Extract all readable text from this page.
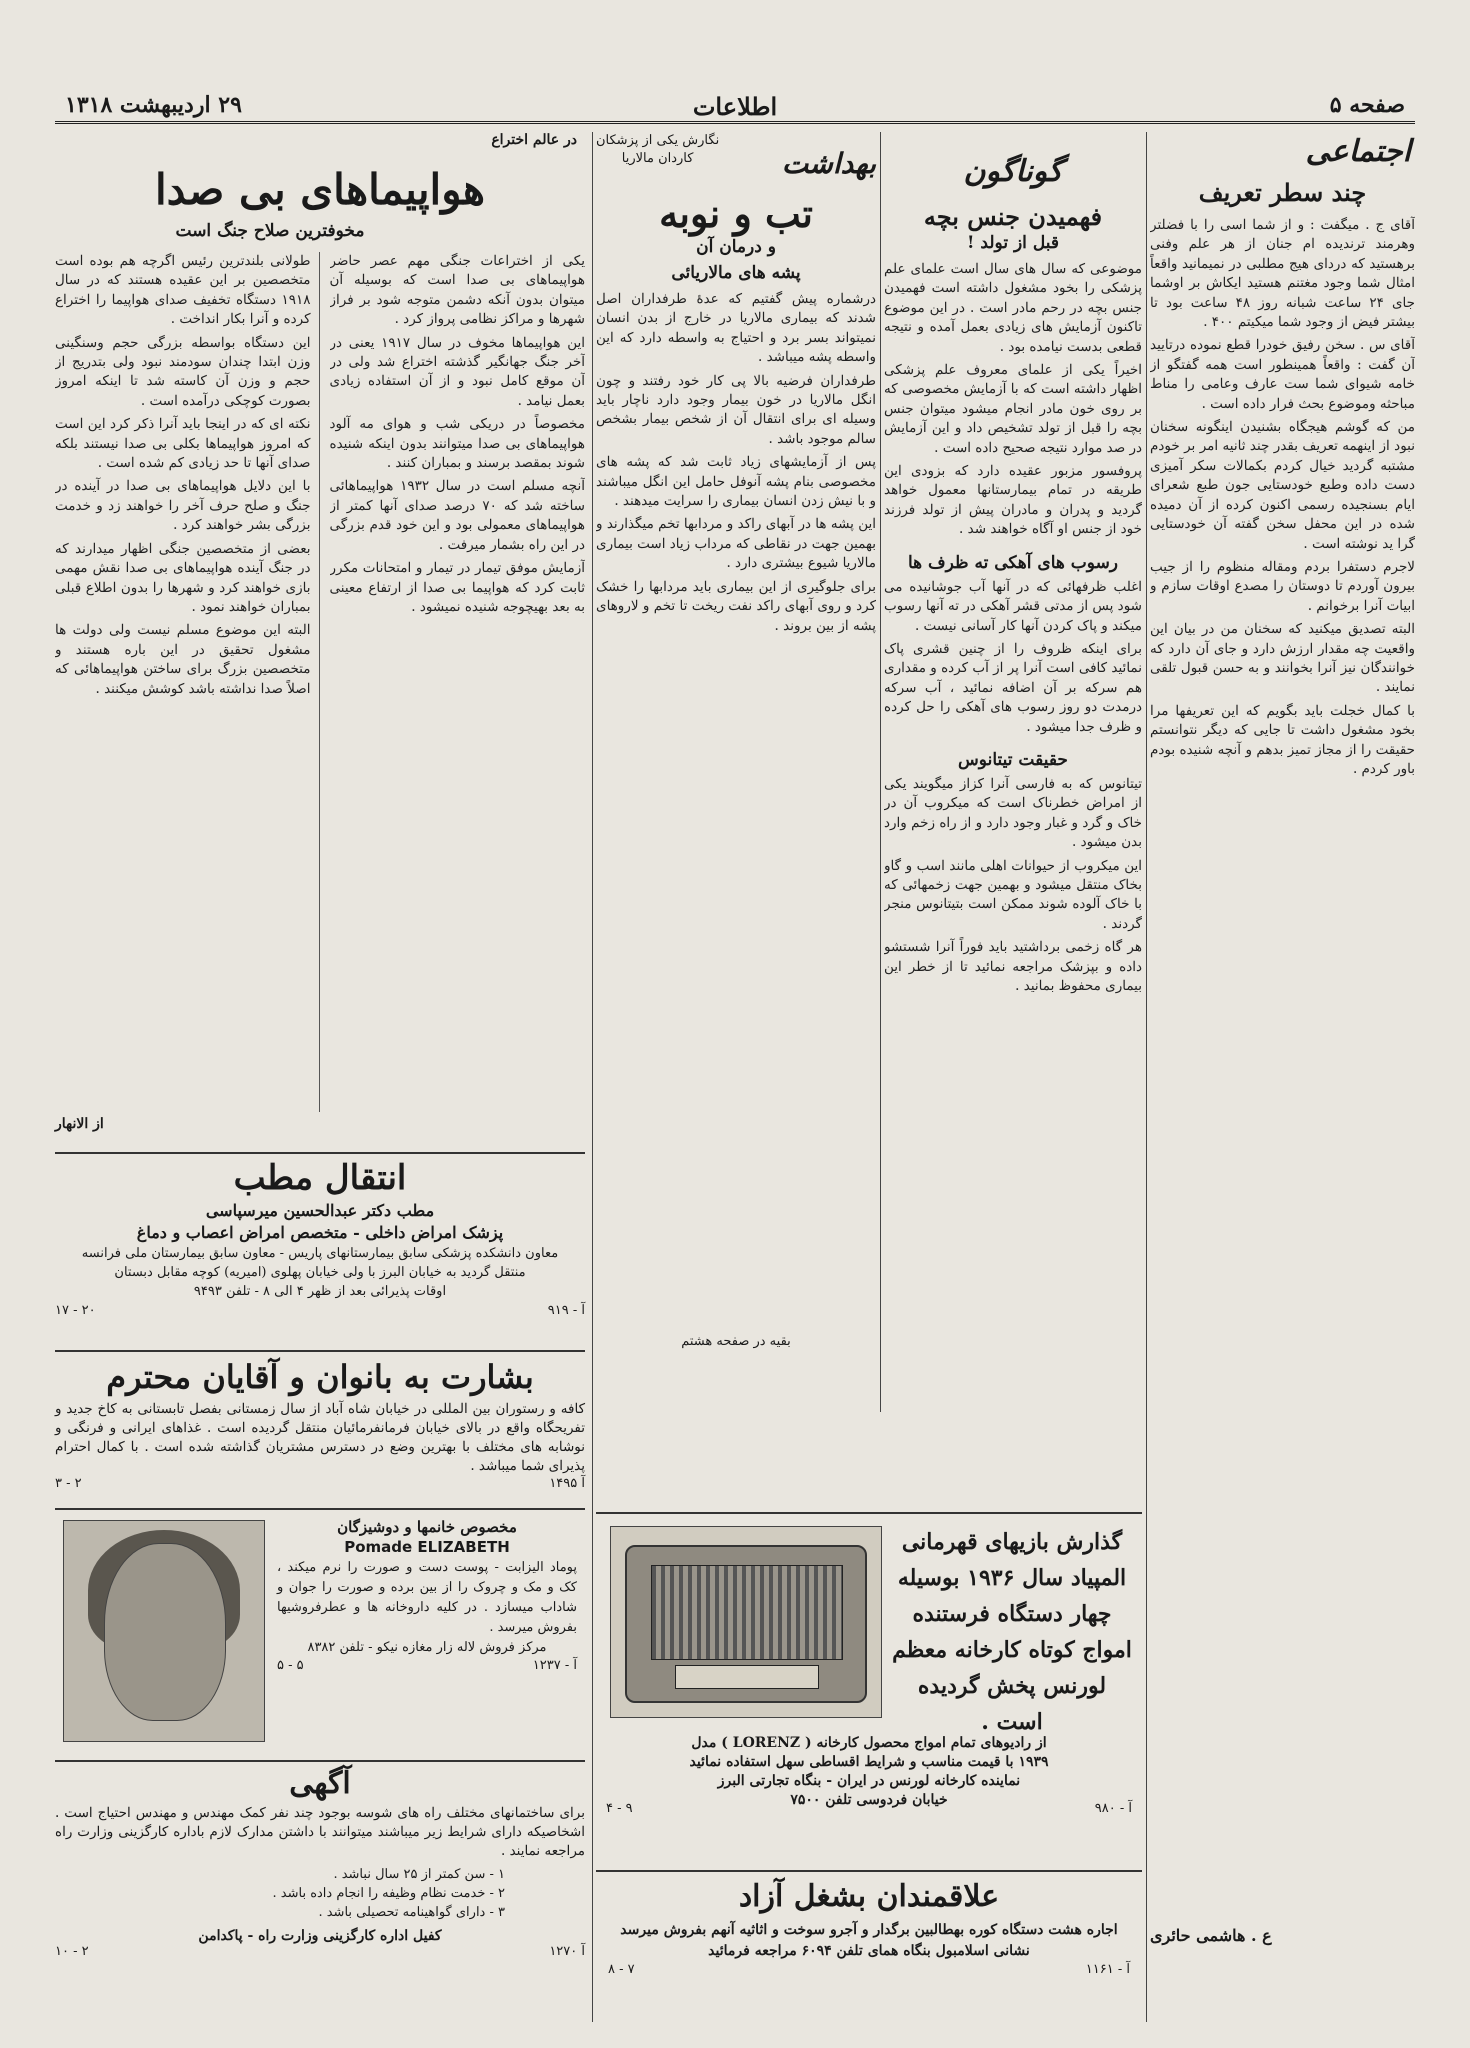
صفحه ۵
اطلاعات
۲۹ اردیبهشت ۱۳۱۸
اجتماعی
چند سطر تعریف

آقای ج . میگفت : و از شما اسی را با فضلتر وهرمند ترندیده ام جنان از هر علم وفنی برهستید که دردای هیج مطلبی در نمیمانید واقعاً امثال شما وجود مغتنم هستید ایکاش بر اوشما جای ۲۴ ساعت شبانه روز ۴۸ ساعت بود تا بیشتر فیض از وجود شما میکیتم ۴۰۰ .

آقای س . سخن رفیق خودرا قطع نموده درتایید آن گفت : واقعاً همینطور است همه گفتگو از خامه شیوای شما ست عارف وعامی را مناط مباحثه وموضوع بحث فرار داده است .

من که گوشم هیجگاه بشنیدن اینگونه سخنان نبود از اینهمه تعریف بقدر چند ثانیه امر بر خودم مشتبه گردید خیال کردم بکمالات سکر آمیزی دست داده وطبع خودستایی جون طبع شعرای ایام بسنجیده رسمی اکنون کرده از آن دمیده شده در این محفل سخن گفته آن خودستایی گرا ید نوشته است .

لاجرم دستفرا بردم ومقاله منظوم را از جیب بیرون آوردم تا دوستان را مصدع اوقات سازم و ابیات آنرا برخوانم .

البته تصدیق میکنید که سخنان من در بیان این واقعیت چه مقدار ارزش دارد و جای آن دارد که خوانندگان نیز آنرا بخوانند و به حسن قبول تلقی نمایند .

با کمال خجلت باید بگویم که این تعریفها مرا بخود مشغول داشت تا جایی که دیگر نتوانستم حقیقت را از مجاز تمیز بدهم و آنچه شنیده بودم باور کردم .

ع . هاشمی حائری
گوناگون
فهمیدن جنس بچه
قبل از تولد !

موضوعی که سال های سال است علمای علم پزشکی را بخود مشغول داشته است فهمیدن جنس بچه در رحم مادر است . در این موضوع تاکنون آزمایش های زیادی بعمل آمده و نتیجه قطعی بدست نیامده بود .

اخیراً یکی از علمای معروف علم پزشکی اظهار داشته است که با آزمایش مخصوصی که بر روی خون مادر انجام میشود میتوان جنس بچه را قبل از تولد تشخیص داد و این آزمایش در صد موارد نتیجه صحیح داده است .

پروفسور مزبور عقیده دارد که بزودی این طریقه در تمام بیمارستانها معمول خواهد گردید و پدران و مادران پیش از تولد فرزند خود از جنس او آگاه خواهند شد .

رسوب های آهکی ته ظرف ها

اغلب ظرفهائی که در آنها آب جوشانیده می شود پس از مدتی قشر آهکی در ته آنها رسوب میکند و پاک کردن آنها کار آسانی نیست .

برای اینکه ظروف را از چنین قشری پاک نمائید کافی است آنرا پر از آب کرده و مقداری هم سرکه بر آن اضافه نمائید ، آب سرکه درمدت دو روز رسوب های آهکی را حل کرده و ظرف جدا میشود .

حقیقت تیتانوس

تیتانوس که به فارسی آنرا کزاز میگویند یکی از امراض خطرناک است که میکروب آن در خاک و گرد و غبار وجود دارد و از راه زخم وارد بدن میشود .

این میکروب از حیوانات اهلی مانند اسب و گاو بخاک منتقل میشود و بهمین جهت زخمهائی که با خاک آلوده شوند ممکن است بتیتانوس منجر گردند .

هر گاه زخمی برداشتید باید فوراً آنرا شستشو داده و بپزشک مراجعه نمائید تا از خطر این بیماری محفوظ بمانید .

بهداشت
نگارش یکی از پزشکان
کاردان مالاریا
تب و نوبه
و درمان آن
پشه های مالاریائی

درشماره پیش گفتیم که عدهٔ طرفداران اصل شدند که بیماری مالاریا در خارج از بدن انسان نمیتواند بسر برد و احتیاج به واسطه دارد که این واسطه پشه میباشد .

طرفداران فرضیه بالا پی کار خود رفتند و چون انگل مالاریا در خون بیمار وجود دارد ناچار باید وسیله ای برای انتقال آن از شخص بیمار بشخص سالم موجود باشد .

پس از آزمایشهای زیاد ثابت شد که پشه های مخصوصی بنام پشه آنوفل حامل این انگل میباشند و با نیش زدن انسان بیماری را سرایت میدهند .

این پشه ها در آبهای راکد و مردابها تخم میگذارند و بهمین جهت در نقاطی که مرداب زیاد است بیماری مالاریا شیوع بیشتری دارد .

برای جلوگیری از این بیماری باید مردابها را خشک کرد و روی آبهای راکد نفت ریخت تا تخم و لاروهای پشه از بین بروند .

بقیه در صفحه هشتم
در عالم اختراع
هواپیماهای بی صدا
مخوفترین صلاح جنگ است

یکی از اختراعات جنگی مهم عصر حاضر هواپیماهای بی صدا است که بوسیله آن میتوان بدون آنکه دشمن متوجه شود بر فراز شهرها و مراکز نظامی پرواز کرد .

این هواپیماها مخوف در سال ۱۹۱۷ یعنی در آخر جنگ جهانگیر گذشته اختراع شد ولی در آن موقع کامل نبود و از آن استفاده زیادی بعمل نیامد .

مخصوصاً در دریکی شب و هوای مه آلود هواپیماهای بی صدا میتوانند بدون اینکه شنیده شوند بمقصد برسند و بمباران کنند .

آنچه مسلم است در سال ۱۹۳۲ هواپیماهائی ساخته شد که ۷۰ درصد صدای آنها کمتر از هواپیماهای معمولی بود و این خود قدم بزرگی در این راه بشمار میرفت .

آزمایش موفق تیمار در تیمار و امتحانات مکرر ثابت کرد که هواپیما بی صدا از ارتفاع معینی به بعد بهیچوجه شنیده نمیشود .

طولانی بلندترین رئیس اگرچه هم بوده است متخصصین بر این عقیده هستند که در سال ۱۹۱۸ دستگاه تخفیف صدای هواپیما را اختراع کرده و آنرا بکار انداخت .

این دستگاه بواسطه بزرگی حجم وسنگینی وزن ابتدا چندان سودمند نبود ولی بتدریج از حجم و وزن آن کاسته شد تا اینکه امروز بصورت کوچکی درآمده است .

نکته ای که در اینجا باید آنرا ذکر کرد این است که امروز هواپیماها بکلی بی صدا نیستند بلکه صدای آنها تا حد زیادی کم شده است .

با این دلایل هواپیماهای بی صدا در آینده در جنگ و صلح حرف آخر را خواهند زد و خدمت بزرگی بشر خواهند کرد .

بعضی از متخصصین جنگی اظهار میدارند که در جنگ آینده هواپیماهای بی صدا نقش مهمی بازی خواهند کرد و شهرها را بدون اطلاع قبلی بمباران خواهند نمود .

البته این موضوع مسلم نیست ولی دولت ها مشغول تحقیق در این باره هستند و متخصصین بزرگ برای ساختن هواپیماهائی که اصلاً صدا نداشته باشد کوشش میکنند .

از الانهار
انتقال مطب
مطب دکتر عبدالحسین میرسپاسی
پزشک امراض داخلی - متخصص امراض اعصاب و دماغ
معاون دانشکده پزشکی سابق بیمارستانهای پاریس - معاون سابق بیمارستان ملی فرانسه
منتقل گردید به خیابان البرز با ولی خیابان پهلوی (امیریه) کوچه مقابل دبستان
اوقات پذیرائی بعد از ظهر ۴ الی ۸ - تلفن ۹۴۹۳
آ - ۹۱۹
۲۰ - ۱۷
بشارت به بانوان و آقایان محترم
کافه و رستوران بین المللی در خیابان شاه آباد از سال زمستانی بفصل تابستانی به کاخ جدید و تفریحگاه واقع در بالای خیابان فرمانفرمائیان منتقل گردیده است . غذاهای ایرانی و فرنگی و نوشابه های مختلف با بهترین وضع در دسترس مشتریان گذاشته شده است . با کمال احترام پذیرای شما میباشد .
آ ۱۴۹۵
۲ - ۳
مخصوص خانمها و دوشیزگان
Pomade ELIZABETH
پوماد الیزابت - پوست دست و صورت را نرم میکند ، کک و مک و چروک را از بین برده و صورت را جوان و شاداب میسازد . در کلیه داروخانه ها و عطرفروشیها بفروش میرسد .
مرکز فروش لاله زار مغازه نیکو - تلفن ۸۳۸۲
آ - ۱۲۳۷
۵ - ۵
آگهی
برای ساختمانهای مختلف راه های شوسه بوجود چند نفر کمک مهندس و مهندس احتیاج است . اشخاصیکه دارای شرایط زیر میباشند میتوانند با داشتن مدارک لازم باداره کارگزینی وزارت راه مراجعه نمایند .
۱ - سن کمتر از ۲۵ سال نباشد .
۲ - خدمت نظام وظیفه را انجام داده باشد .
۳ - دارای گواهینامه تحصیلی باشد .
کفیل اداره کارگزینی وزارت راه - پاکدامن
آ ۱۲۷۰
۲ - ۱۰
گذارش بازیهای قهرمانی المپیاد سال ۱۹۳۶ بوسیله چهار دستگاه فرستنده امواج کوتاه کارخانه معظم لورنس پخش گردیده است .
از رادیوهای تمام امواج محصول کارخانه ( LORENZ ) مدل
۱۹۳۹ با قیمت مناسب و شرایط اقساطی سهل استفاده نمائید
نماینده کارخانه لورنس در ایران - بنگاه تجارتی البرز
خیابان فردوسی تلفن ۷۵۰۰
آ - ۹۸۰
۹ - ۴
علاقمندان بشغل آزاد
اجاره هشت دستگاه کوره بهطالبین برگدار و آجرو سوخت و اثاثیه آنهم بفروش میرسد نشانی اسلامبول بنگاه همای تلفن ۶۰۹۴ مراجعه فرمائید
آ - ۱۱۶۱
۷ - ۸
